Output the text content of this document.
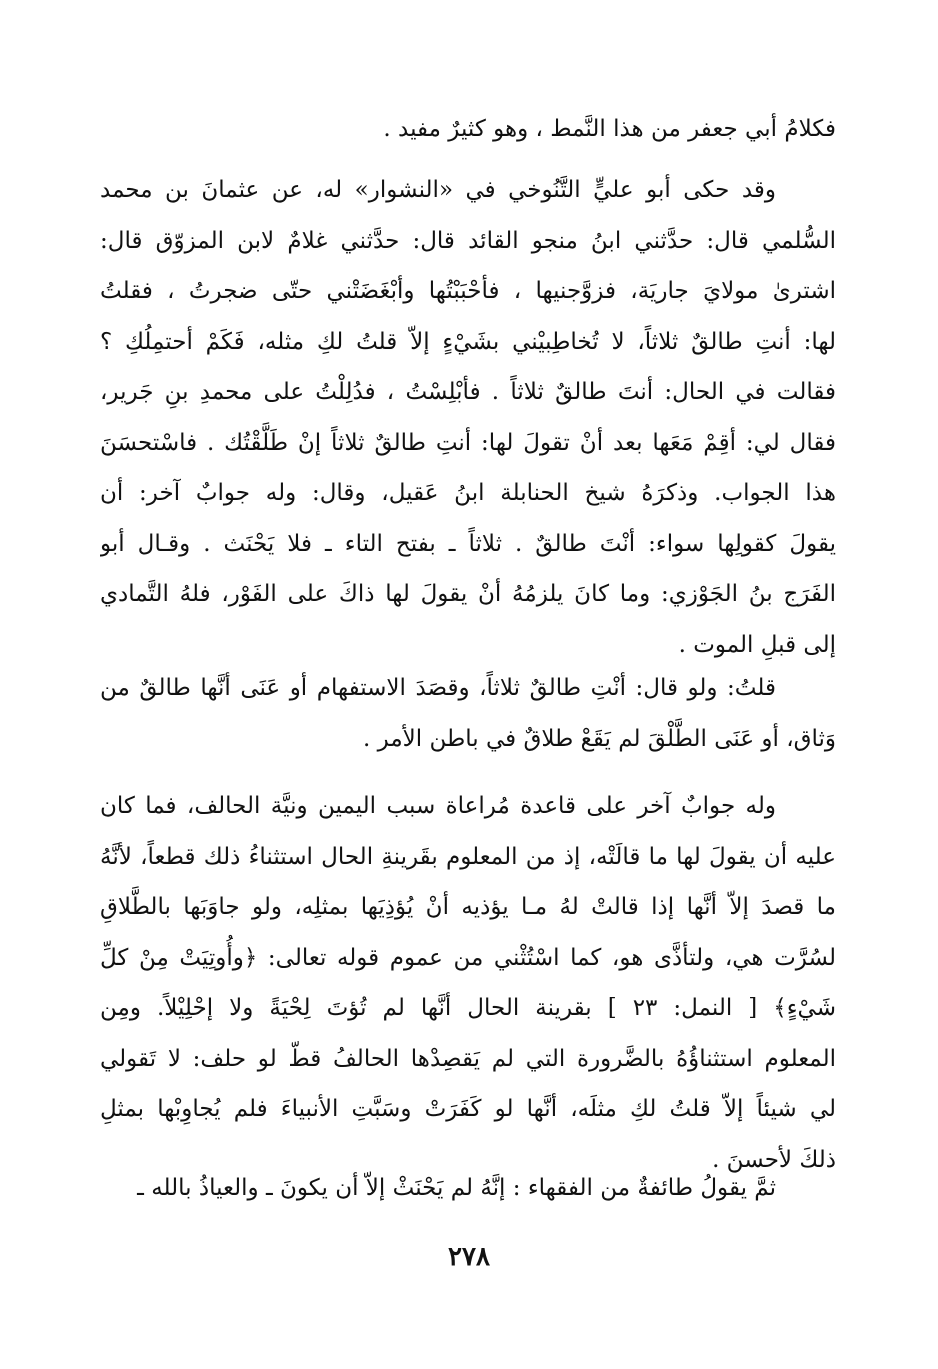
فكلامُ أبي جعفر من هذا النَّمط ، وهو كثيرٌ مفيد .
وقد حكى أبو عليٍّ التَّنُوخي في «النشوار» له، عن عثمانَ بن محمد
السُّلمي قال: حدَّثني ابنُ منجو القائد قال: حدَّثني غلامٌ لابن المزوّق قال:
اشترىٰ مولايَ جاريَة، فزوَّجنيها ، فأحْبَبْتُها وأبْغَضَتْني حتّى ضجرتُ ، فقلتُ
لها: أنتِ طالقٌ ثلاثاً، لا تُخاطِبيْني بشَيْءٍ إلاّ قلتُ لكِ مثله، فَكَمْ أحتمِلُكِ ؟
فقالت في الحال: أنتَ طالقٌ ثلاثاً . فأبْلِسْتُ ، فدُلِلْتُ على محمدِ بنِ جَرير،
فقال لي: أقِمْ مَعَها بعد أنْ تقولَ لها: أنتِ طالقٌ ثلاثاً إنْ طَلَّقْتُك . فاسْتحسَنَ
هذا الجواب. وذكرَهُ شيخ الحنابلة ابنُ عَقيل، وقال: وله جوابٌ آخر: أن
يقولَ كقولِها سواء: أنْتَ طالقٌ . ثلاثاً ـ بفتح التاء ـ فلا يَحْنَث . وقـال أبو
الفَرَج بنُ الجَوْزي: وما كانَ يلزمُهُ أنْ يقولَ لها ذاكَ على الفَوْر، فلهُ التَّمادي
إلى قبلِ الموت .
قلتُ: ولو قال: أنْتِ طالقٌ ثلاثاً، وقصَدَ الاستفهام أو عَنَى أنَّها طالقٌ من
وَثاق، أو عَنَى الطَّلْقَ لم يَقَعْ طلاقٌ في باطن الأمر .
وله جوابٌ آخر على قاعدة مُراعاة سبب اليمين ونيَّة الحالف، فما كان
عليه أن يقولَ لها ما قالَتْه، إذ من المعلوم بقَرينةِ الحال استثناءُ ذلك قطعاً، لأنَّهُ
ما قصدَ إلاّ أنَّها إذا قالتْ لهُ مـا يؤذيه أنْ يُؤذِيَها بمثلِه، ولو جاوَبَها بالطَّلاقِ
لسُرَّت هي، ولتأذَّى هو، كما اسْتُثْني من عموم قوله تعالى: ﴿وأُوتِيَتْ مِنْ كلِّ
شَيْءٍ﴾ [ النمل: ٢٣ ] بقرينة الحال أنَّها لم تُؤتَ لِحْيَةً ولا إحْلِيْلاً. ومِن
المعلوم استثناؤُهُ بالضَّرورة التي لم يَقصِدْها الحالفُ قطّ لو حلف: لا تَقولي
لي شيئاً إلاّ قلتُ لكِ مثلَه، أنَّها لو كَفَرَتْ وسَبَّتِ الأنبياءَ فلم يُجاوِبْها بمثلِ
ذلكَ لأحسنَ .
ثمَّ يقولُ طائفةٌ من الفقهاء : إنَّهُ لم يَحْنَثْ إلاّ أن يكونَ ـ والعياذُ بالله ـ
٢٧٨
